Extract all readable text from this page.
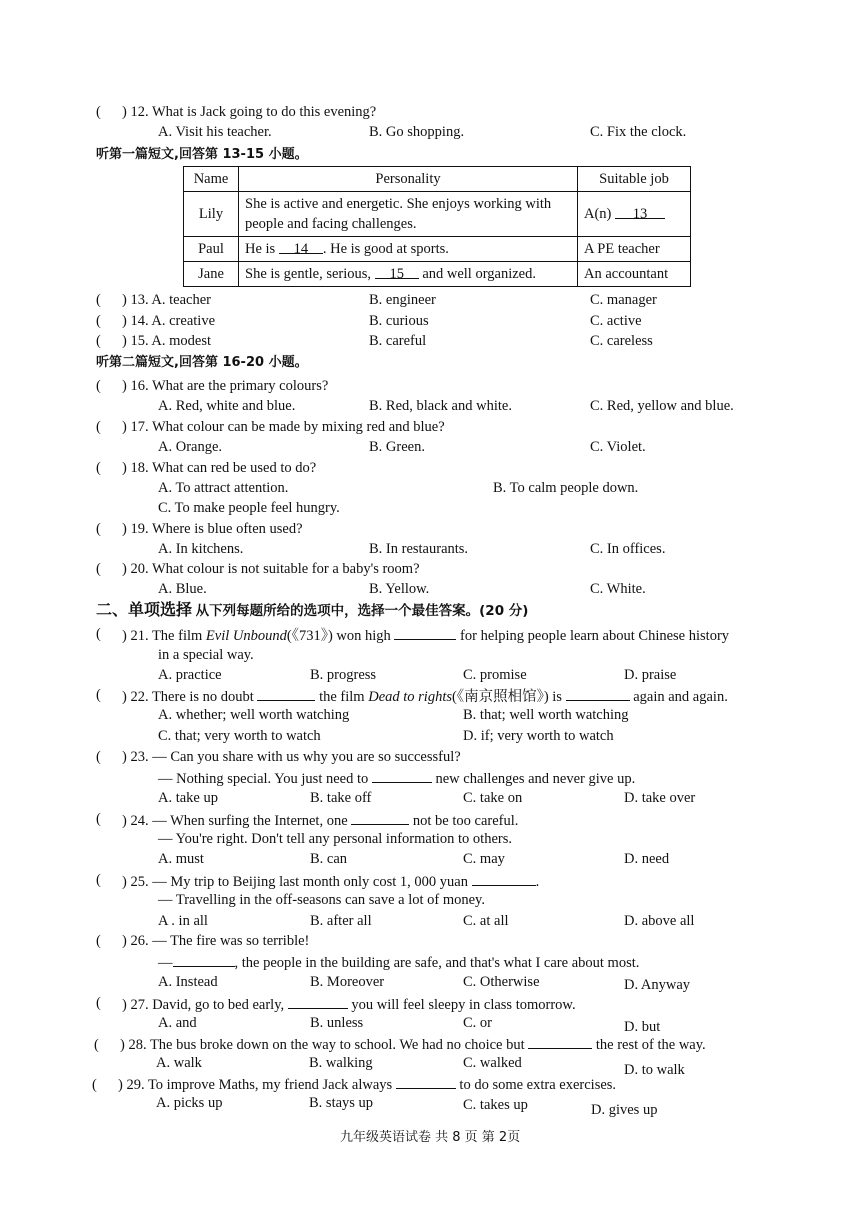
( ) 12. What is Jack going to do this evening?
A. Visit his teacher.	B. Go shopping.	C. Fix the clock.
听第一篇短文,回答第 13-15 小题。
Name	Personality	Suitable job
Lily	She is active and energetic. She enjoys working with people and facing challenges.	A(n) 13
Paul	He is 14 . He is good at sports.	A PE teacher
Jane	She is gentle, serious, 15 and well organized.	An accountant
( ) 13. A. teacher	B. engineer	C. manager
( ) 14. A. creative	B. curious	C. active
( ) 15. A. modest	B. careful	C. careless
听第二篇短文,回答第 16-20 小题。
( ) 16. What are the primary colours?
A. Red, white and blue.	B. Red, black and white.	C. Red, yellow and blue.
( ) 17. What colour can be made by mixing red and blue?
A. Orange.	B. Green.	C. Violet.
( ) 18. What can red be used to do?
A. To attract attention.	B. To calm people down.
C. To make people feel hungry.
( ) 19. Where is blue often used?
A. In kitchens.	B. In restaurants.	C. In offices.
( ) 20. What colour is not suitable for a baby's room?
A. Blue.	B. Yellow.	C. White.
二、单项选择 从下列每题所给的选项中，选择一个最佳答案。(20 分)
( ) 21. The film Evil Unbound(《731》) won high	for helping people learn about Chinese history
in a special way.
A. practice	B. progress	C. promise	D. praise
( ) 22. There is no doubt	the film Dead to rights(《南京照相馆》) is	again and again.
A. whether; well worth watching	B. that; well worth watching
C. that; very worth to watch	D. if; very worth to watch
( ) 23. — Can you share with us why you are so successful?
— Nothing special. You just need to	new challenges and never give up.
A. take up	B. take off	C. take on	D. take over
( ) 24. — When surfing the Internet, one	not be too careful.
— You're right. Don't tell any personal information to others.
A. must	B. can	C. may	D. need
( ) 25. — My trip to Beijing last month only cost 1, 000 yuan	.
— Travelling in the off-seasons can save a lot of money.
A . in all	B. after all	C. at all	D. above all
( ) 26. — The fire was so terrible!
—	, the people in the building are safe, and that's what I care about most.
A. Instead	B. Moreover	C. Otherwise	D. Anyway
( ) 27. David, go to bed early,	you will feel sleepy in class tomorrow.
A. and	B. unless	C. or	D. but
( ) 28. The bus broke down on the way to school. We had no choice but	the rest of the way.
A. walk	B. walking	C. walked	D. to walk
( ) 29. To improve Maths, my friend Jack always	to do some extra exercises.
A. picks up	B. stays up	C. takes up	D. gives up
九年级英语试卷 共 8 页 第 2页
